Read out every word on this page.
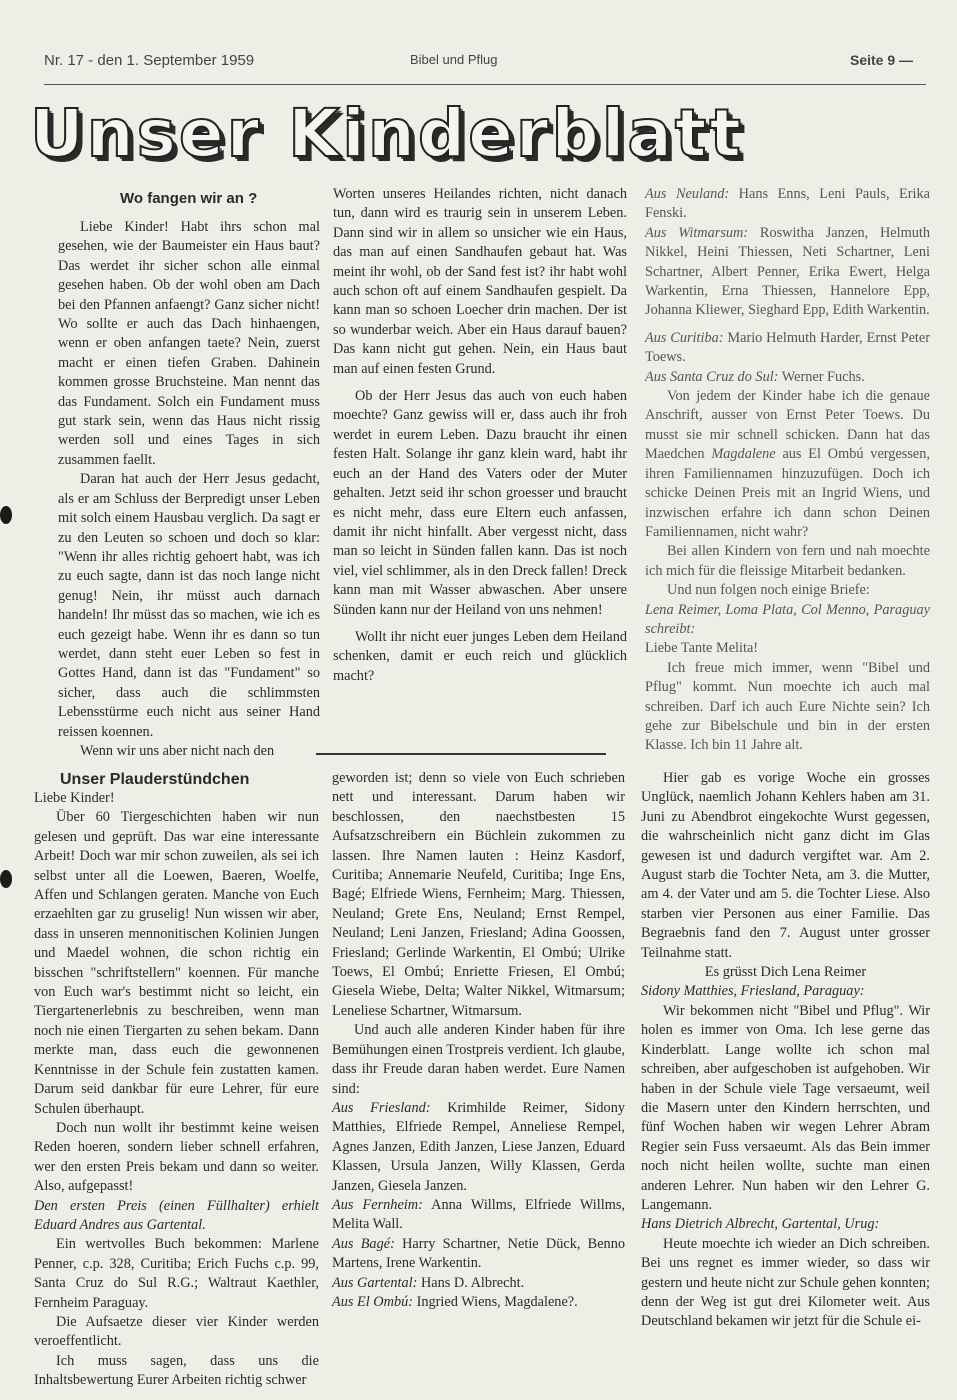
Nr. 17 - den 1. September 1959	Bibel und Pflug	Seite 9 —
Unser Kinderblatt
Wo fangen wir an ?

Liebe Kinder! Habt ihrs schon mal gesehen, wie der Baumeister ein Haus baut? Das werdet ihr sicher schon alle einmal gesehen haben. Ob der wohl oben am Dach bei den Pfannen anfaengt? Ganz sicher nicht! Wo sollte er auch das Dach hinhaengen, wenn er oben anfangen taete? Nein, zuerst macht er einen tiefen Graben. Dahinein kommen grosse Bruchsteine. Man nennt das das Fundament. Solch ein Fundament muss gut stark sein, wenn das Haus nicht rissig werden soll und eines Tages in sich zusammen faellt.

Daran hat auch der Herr Jesus gedacht, als er am Schluss der Berpredigt unser Leben mit solch einem Hausbau verglich. Da sagt er zu den Leuten so schoen und doch so klar: "Wenn ihr alles richtig gehoert habt, was ich zu euch sagte, dann ist das noch lange nicht genug! Nein, ihr müsst auch darnach handeln! Ihr müsst das so machen, wie ich es euch gezeigt habe. Wenn ihr es dann so tun werdet, dann steht euer Leben so fest in Gottes Hand, dann ist das "Fundament" so sicher, dass auch die schlimmsten Lebensstürme euch nicht aus seiner Hand reissen koennen.

Wenn wir uns aber nicht nach den

Worten unseres Heilandes richten, nicht danach tun, dann wird es traurig sein in unserem Leben. Dann sind wir in allem so unsicher wie ein Haus, das man auf einen Sandhaufen gebaut hat. Was meint ihr wohl, ob der Sand fest ist? ihr habt wohl auch schon oft auf einem Sandhaufen gespielt. Da kann man so schoen Loecher drin machen. Der ist so wunderbar weich. Aber ein Haus darauf bauen? Das kann nicht gut gehen. Nein, ein Haus baut man auf einen festen Grund.

Ob der Herr Jesus das auch von euch haben moechte? Ganz gewiss will er, dass auch ihr froh werdet in eurem Leben. Dazu braucht ihr einen festen Halt. Solange ihr ganz klein ward, habt ihr euch an der Hand des Vaters oder der Muter gehalten. Jetzt seid ihr schon groesser und braucht es nicht mehr, dass eure Eltern euch anfassen, damit ihr nicht hinfallt. Aber vergesst nicht, dass man so leicht in Sünden fallen kann. Das ist noch viel, viel schlimmer, als in den Dreck fallen! Dreck kann man mit Wasser abwaschen. Aber unsere Sünden kann nur der Heiland von uns nehmen!

Wollt ihr nicht euer junges Leben dem Heiland schenken, damit er euch reich und glücklich macht?

Aus Neuland: Hans Enns, Leni Pauls, Erika Fenski.

Aus Witmarsum: Roswitha Janzen, Helmuth Nikkel, Heini Thiessen, Neti Schartner, Leni Schartner, Albert Penner, Erika Ewert, Helga Warkentin, Erna Thiessen, Hannelore Epp, Johanna Kliewer, Sieghard Epp, Edith Warkentin.

Aus Curitiba: Mario Helmuth Harder, Ernst Peter Toews.

Aus Santa Cruz do Sul: Werner Fuchs.

Von jedem der Kinder habe ich die genaue Anschrift, ausser von Ernst Peter Toews. Du musst sie mir schnell schicken. Dann hat das Maedchen Magdalene aus El Ombú vergessen, ihren Familiennamen hinzuzufügen. Doch ich schicke Deinen Preis mit an Ingrid Wiens, und inzwischen erfahre ich dann schon Deinen Familiennamen, nicht wahr?

Bei allen Kindern von fern und nah moechte ich mich für die fleissige Mitarbeit bedanken.

Und nun folgen noch einige Briefe:

Lena Reimer, Loma Plata, Col Menno, Paraguay schreibt:

Liebe Tante Melita!

Ich freue mich immer, wenn "Bibel und Pflug" kommt. Nun moechte ich auch mal schreiben. Darf ich auch Eure Nichte sein? Ich gehe zur Bibelschule und bin in der ersten Klasse. Ich bin 11 Jahre alt.

Unser Plauderstündchen

Liebe Kinder!

Über 60 Tiergeschichten haben wir nun gelesen und geprüft. Das war eine interessante Arbeit! Doch war mir schon zuweilen, als sei ich selbst unter all die Loewen, Baeren, Woelfe, Affen und Schlangen geraten. Manche von Euch erzaehlten gar zu gruselig! Nun wissen wir aber, dass in unseren mennonitischen Kolinien Jungen und Maedel wohnen, die schon richtig ein bisschen "schriftstellern" koennen. Für manche von Euch war's bestimmt nicht so leicht, ein Tiergartenerlebnis zu beschreiben, wenn man noch nie einen Tiergarten zu sehen bekam. Dann merkte man, dass euch die gewonnenen Kenntnisse in der Schule fein zustatten kamen. Darum seid dankbar für eure Lehrer, für eure Schulen überhaupt.

Doch nun wollt ihr bestimmt keine weisen Reden hoeren, sondern lieber schnell erfahren, wer den ersten Preis bekam und dann so weiter. Also, aufgepasst!

Den ersten Preis (einen Füllhalter) erhielt Eduard Andres aus Gartental.

Ein wertvolles Buch bekommen: Marlene Penner, c.p. 328, Curitiba; Erich Fuchs c.p. 99, Santa Cruz do Sul R.G.; Waltraut Kaethler, Fernheim Paraguay.

Die Aufsaetze dieser vier Kinder werden veroeffentlicht.

Ich muss sagen, dass uns die Inhaltsbewertung Eurer Arbeiten richtig schwer

geworden ist; denn so viele von Euch schrieben nett und interessant. Darum haben wir beschlossen, den naechstbesten 15 Aufsatzschreibern ein Büchlein zukommen zu lassen. Ihre Namen lauten : Heinz Kasdorf, Curitiba; Annemarie Neufeld, Curitiba; Inge Ens, Bagé; Elfriede Wiens, Fernheim; Marg. Thiessen, Neuland; Grete Ens, Neuland; Ernst Rempel, Neuland; Leni Janzen, Friesland; Adina Goossen, Friesland; Gerlinde Warkentin, El Ombú; Ulrike Toews, El Ombú; Enriette Friesen, El Ombú; Giesela Wiebe, Delta; Walter Nikkel, Witmarsum; Leneliese Schartner, Witmarsum.

Und auch alle anderen Kinder haben für ihre Bemühungen einen Trostpreis verdient. Ich glaube, dass ihr Freude daran haben werdet. Eure Namen sind:

Aus Friesland: Krimhilde Reimer, Sidony Matthies, Elfriede Rempel, Anneliese Rempel, Agnes Janzen, Edith Janzen, Liese Janzen, Eduard Klassen, Ursula Janzen, Willy Klassen, Gerda Janzen, Giesela Janzen.

Aus Fernheim: Anna Willms, Elfriede Willms, Melita Wall.

Aus Bagé: Harry Schartner, Netie Dück, Benno Martens, Irene Warkentin.

Aus Gartental: Hans D. Albrecht.

Aus El Ombú: Ingried Wiens, Magdalene?.

Hier gab es vorige Woche ein grosses Unglück, naemlich Johann Kehlers haben am 31. Juni zu Abendbrot eingekochte Wurst gegessen, die wahrscheinlich nicht ganz dicht im Glas gewesen ist und dadurch vergiftet war. Am 2. August starb die Tochter Neta, am 3. die Mutter, am 4. der Vater und am 5. die Tochter Liese. Also starben vier Personen aus einer Familie. Das Begraebnis fand den 7. August unter grosser Teilnahme statt.

Es grüsst Dich Lena Reimer

Sidony Matthies, Friesland, Paraguay:

Wir bekommen nicht "Bibel und Pflug". Wir holen es immer von Oma. Ich lese gerne das Kinderblatt. Lange wollte ich schon mal schreiben, aber aufgeschoben ist aufgehoben. Wir haben in der Schule viele Tage versaeumt, weil die Masern unter den Kindern herrschten, und fünf Wochen haben wir wegen Lehrer Abram Regier sein Fuss versaeumt. Als das Bein immer noch nicht heilen wollte, suchte man einen anderen Lehrer. Nun haben wir den Lehrer G. Langemann.

Hans Dietrich Albrecht, Gartental, Urug:

Heute moechte ich wieder an Dich schreiben. Bei uns regnet es immer wieder, so dass wir gestern und heute nicht zur Schule gehen konnten; denn der Weg ist gut drei Kilometer weit. Aus Deutschland bekamen wir jetzt für die Schule ei-
